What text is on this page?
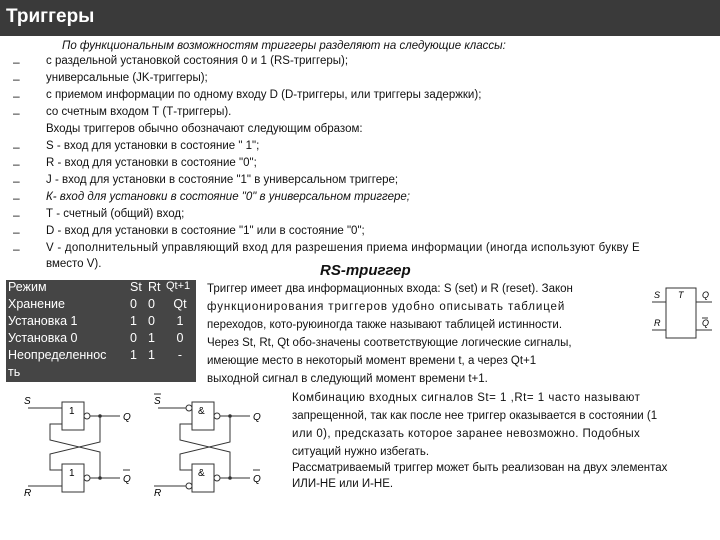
Триггеры
По функциональным возможностям триггеры разделяют на следующие классы:
– с раздельной установкой состояния 0 и 1 (RS-триггеры);
– универсальные (JK-триггеры);
– с приемом информации по одному входу D (D-триггеры, или триггеры задержки);
– со счетным входом Т (Т-триггеры).
Входы триггеров обычно обозначают следующим образом:
– S - вход для установки в состояние " 1";
– R - вход для установки в состояние "0";
– J - вход для установки в состояние "1" в универсальном триггере;
– К- вход для установки в состояние "0" в универсальном триггере;
– Т - счетный (общий) вход;
– D - вход для установки в состояние "1" или в состояние "0";
– V - дополнительный управляющий вход для разрешения приема информации (иногда используют букву Е
вместо V).	RS-триггер
Режим	St	Rt	Qt+1
Хранение	0	0	Qt
Установка 1	1	0	1
Установка 0	0	1	0
Неопределеннос	1	1	-
ть			
Триггер имеет два информационных входа: S (set) и R (reset). Закон
функционирования триггеров удобно описывать таблицей
переходов, кото-руюиногда также называют таблицей истинности.
Через St, Rt, Qt обо-значены соответствующие логические сигналы,
имеющие место в некоторый момент времени t, а через Qt+1
выходной сигнал в следующий момент времени t+1.
S T
R
Q
Q
1
1
S
R
Q
Q
&
&
S
R
Q
Q
Комбинацию входных сигналов St= 1 ,Rt= 1 часто называют
запрещенной, так как после нее триггер оказывается в состоянии (1
или 0), предсказать которое заранее невозможно. Подобных
ситуаций нужно избегать.
Рассматриваемый триггер может быть реализован на двух элементах
ИЛИ-НЕ или И-НЕ.
